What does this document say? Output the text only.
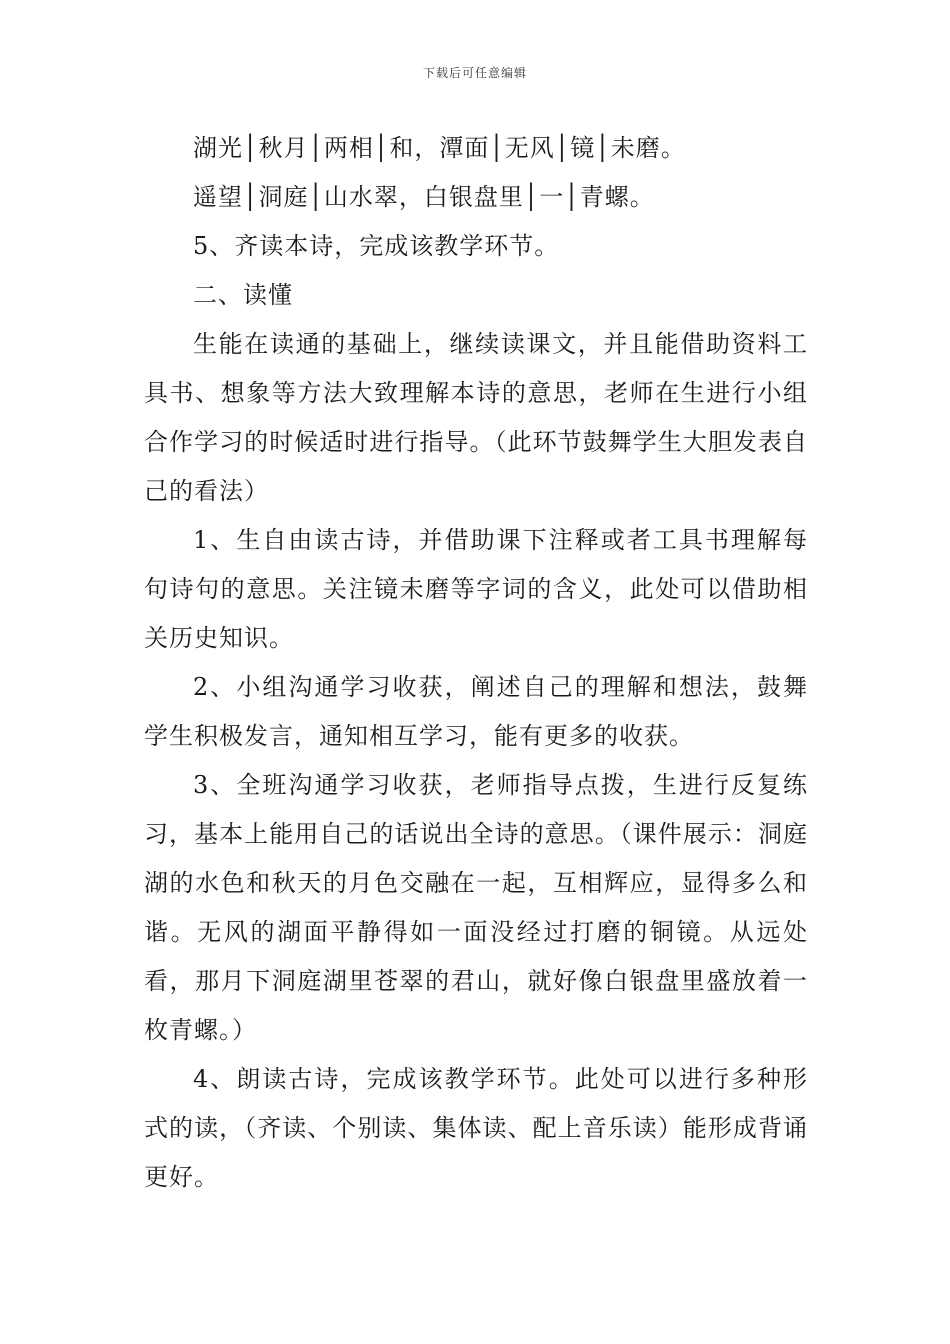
下载后可任意编辑

湖光│秋月│两相│和，潭面│无风│镜│未磨。

遥望│洞庭│山水翠，白银盘里│一│青螺。

5、齐读本诗，完成该教学环节。

二、读懂

生能在读通的基础上，继续读课文，并且能借助资料工具书、想象等方法大致理解本诗的意思，老师在生进行小组合作学习的时候适时进行指导。（此环节鼓舞学生大胆发表自己的看法）

1、生自由读古诗，并借助课下注释或者工具书理解每句诗句的意思。关注镜未磨等字词的含义，此处可以借助相关历史知识。

2、小组沟通学习收获，阐述自己的理解和想法，鼓舞学生积极发言，通知相互学习，能有更多的收获。

3、全班沟通学习收获，老师指导点拨，生进行反复练习，基本上能用自己的话说出全诗的意思。（课件展示：洞庭湖的水色和秋天的月色交融在一起，互相辉应，显得多么和谐。无风的湖面平静得如一面没经过打磨的铜镜。从远处看，那月下洞庭湖里苍翠的君山，就好像白银盘里盛放着一枚青螺。）

4、朗读古诗，完成该教学环节。此处可以进行多种形式的读，（齐读、个别读、集体读、配上音乐读）能形成背诵更好。
